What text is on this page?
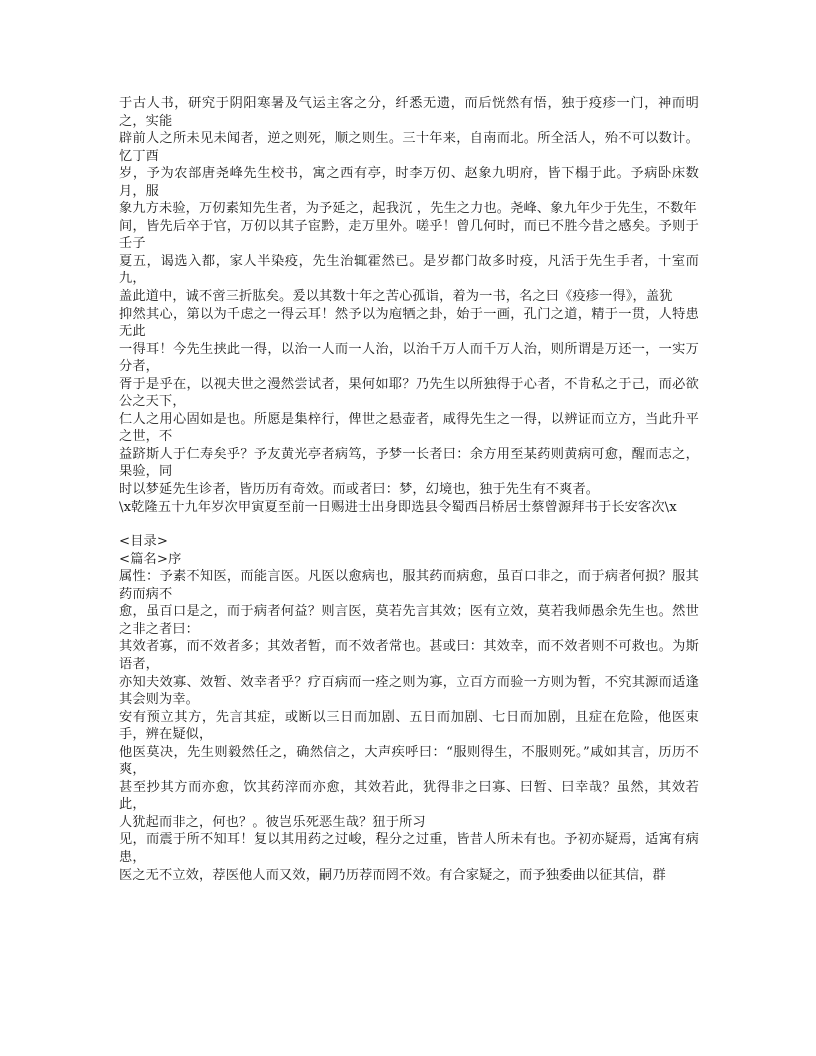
于古人书，研究于阴阳寒暑及气运主客之分，纤悉无遗，而后恍然有悟，独于疫疹一门，神而明之，实能
辟前人之所未见未闻者，逆之则死，顺之则生。三十年来，自南而北。所全活人，殆不可以数计。忆丁酉
岁，予为农部唐尧峰先生校书，寓之西有亭，时李万仞、赵象九明府，皆下榻于此。予病卧床数月，服
象九方未验，万仞素知先生者，为予延之，起我沉 ，先生之力也。尧峰、象九年少于先生，不数年
间，皆先后卒于官，万仞以其子宦黔，走万里外。嗟乎！曾几何时，而已不胜今昔之感矣。予则于壬子
夏五，谒选入都，家人半染疫，先生治辄霍然已。是岁都门故多时疫，凡活于先生手者，十室而九，
盖此道中，诚不啻三折肱矣。爰以其数十年之苦心孤诣，着为一书，名之曰《疫疹一得》，盖犹
抑然其心，第以为千虑之一得云耳！然予以为庖牺之卦，始于一画，孔门之道，精于一贯，人特患无此
一得耳！今先生挟此一得，以治一人而一人治，以治千万人而千万人治，则所谓是万还一，一实万分者，
胥于是乎在，以视夫世之漫然尝试者，果何如耶？乃先生以所独得于心者，不肯私之于己，而必欲公之天下，
仁人之用心固如是也。所愿是集梓行，俾世之悬壶者，咸得先生之一得，以辨证而立方，当此升平之世，不
益跻斯人于仁寿矣乎？予友黄光亭者病笃，予梦一长者曰：余方用至某药则黄病可愈，醒而志之，果验，同
时以梦延先生诊者，皆历历有奇效。而或者曰：梦，幻境也，独于先生有不爽者。
\x乾隆五十九年岁次甲寅夏至前一日赐进士出身即选县令蜀西吕桥居士蔡曾源拜书于长安客次\x
<目录>
<篇名>序
属性：予素不知医，而能言医。凡医以愈病也，服其药而病愈，虽百口非之，而于病者何损？服其药而病不
愈，虽百口是之，而于病者何益？则言医，莫若先言其效；医有立效，莫若我师愚余先生也。然世之非之者曰：
其效者寡，而不效者多；其效者暂，而不效者常也。甚或曰：其效幸，而不效者则不可救也。为斯语者，
亦知夫效寡、效暂、效幸者乎？疗百病而一痊之则为寡，立百方而验一方则为暂，不究其源而适逢其会则为幸。
安有预立其方，先言其症，或断以三日而加剧、五日而加剧、七日而加剧，且症在危险，他医束手，辨在疑似，
他医莫决，先生则毅然任之，确然信之，大声疾呼曰：“服则得生，不服则死。”咸如其言，历历不爽，
甚至抄其方而亦愈，饮其药滓而亦愈，其效若此，犹得非之曰寡、曰暂、曰幸哉？虽然，其效若此，
人犹起而非之，何也？。彼岂乐死恶生哉？狃于所习
见，而震于所不知耳！复以其用药之过峻，程分之过重，皆昔人所未有也。予初亦疑焉，适寓有病患，
医之无不立效，荐医他人而又效，嗣乃历荐而罔不效。有合家疑之，而予独委曲以征其信，群
